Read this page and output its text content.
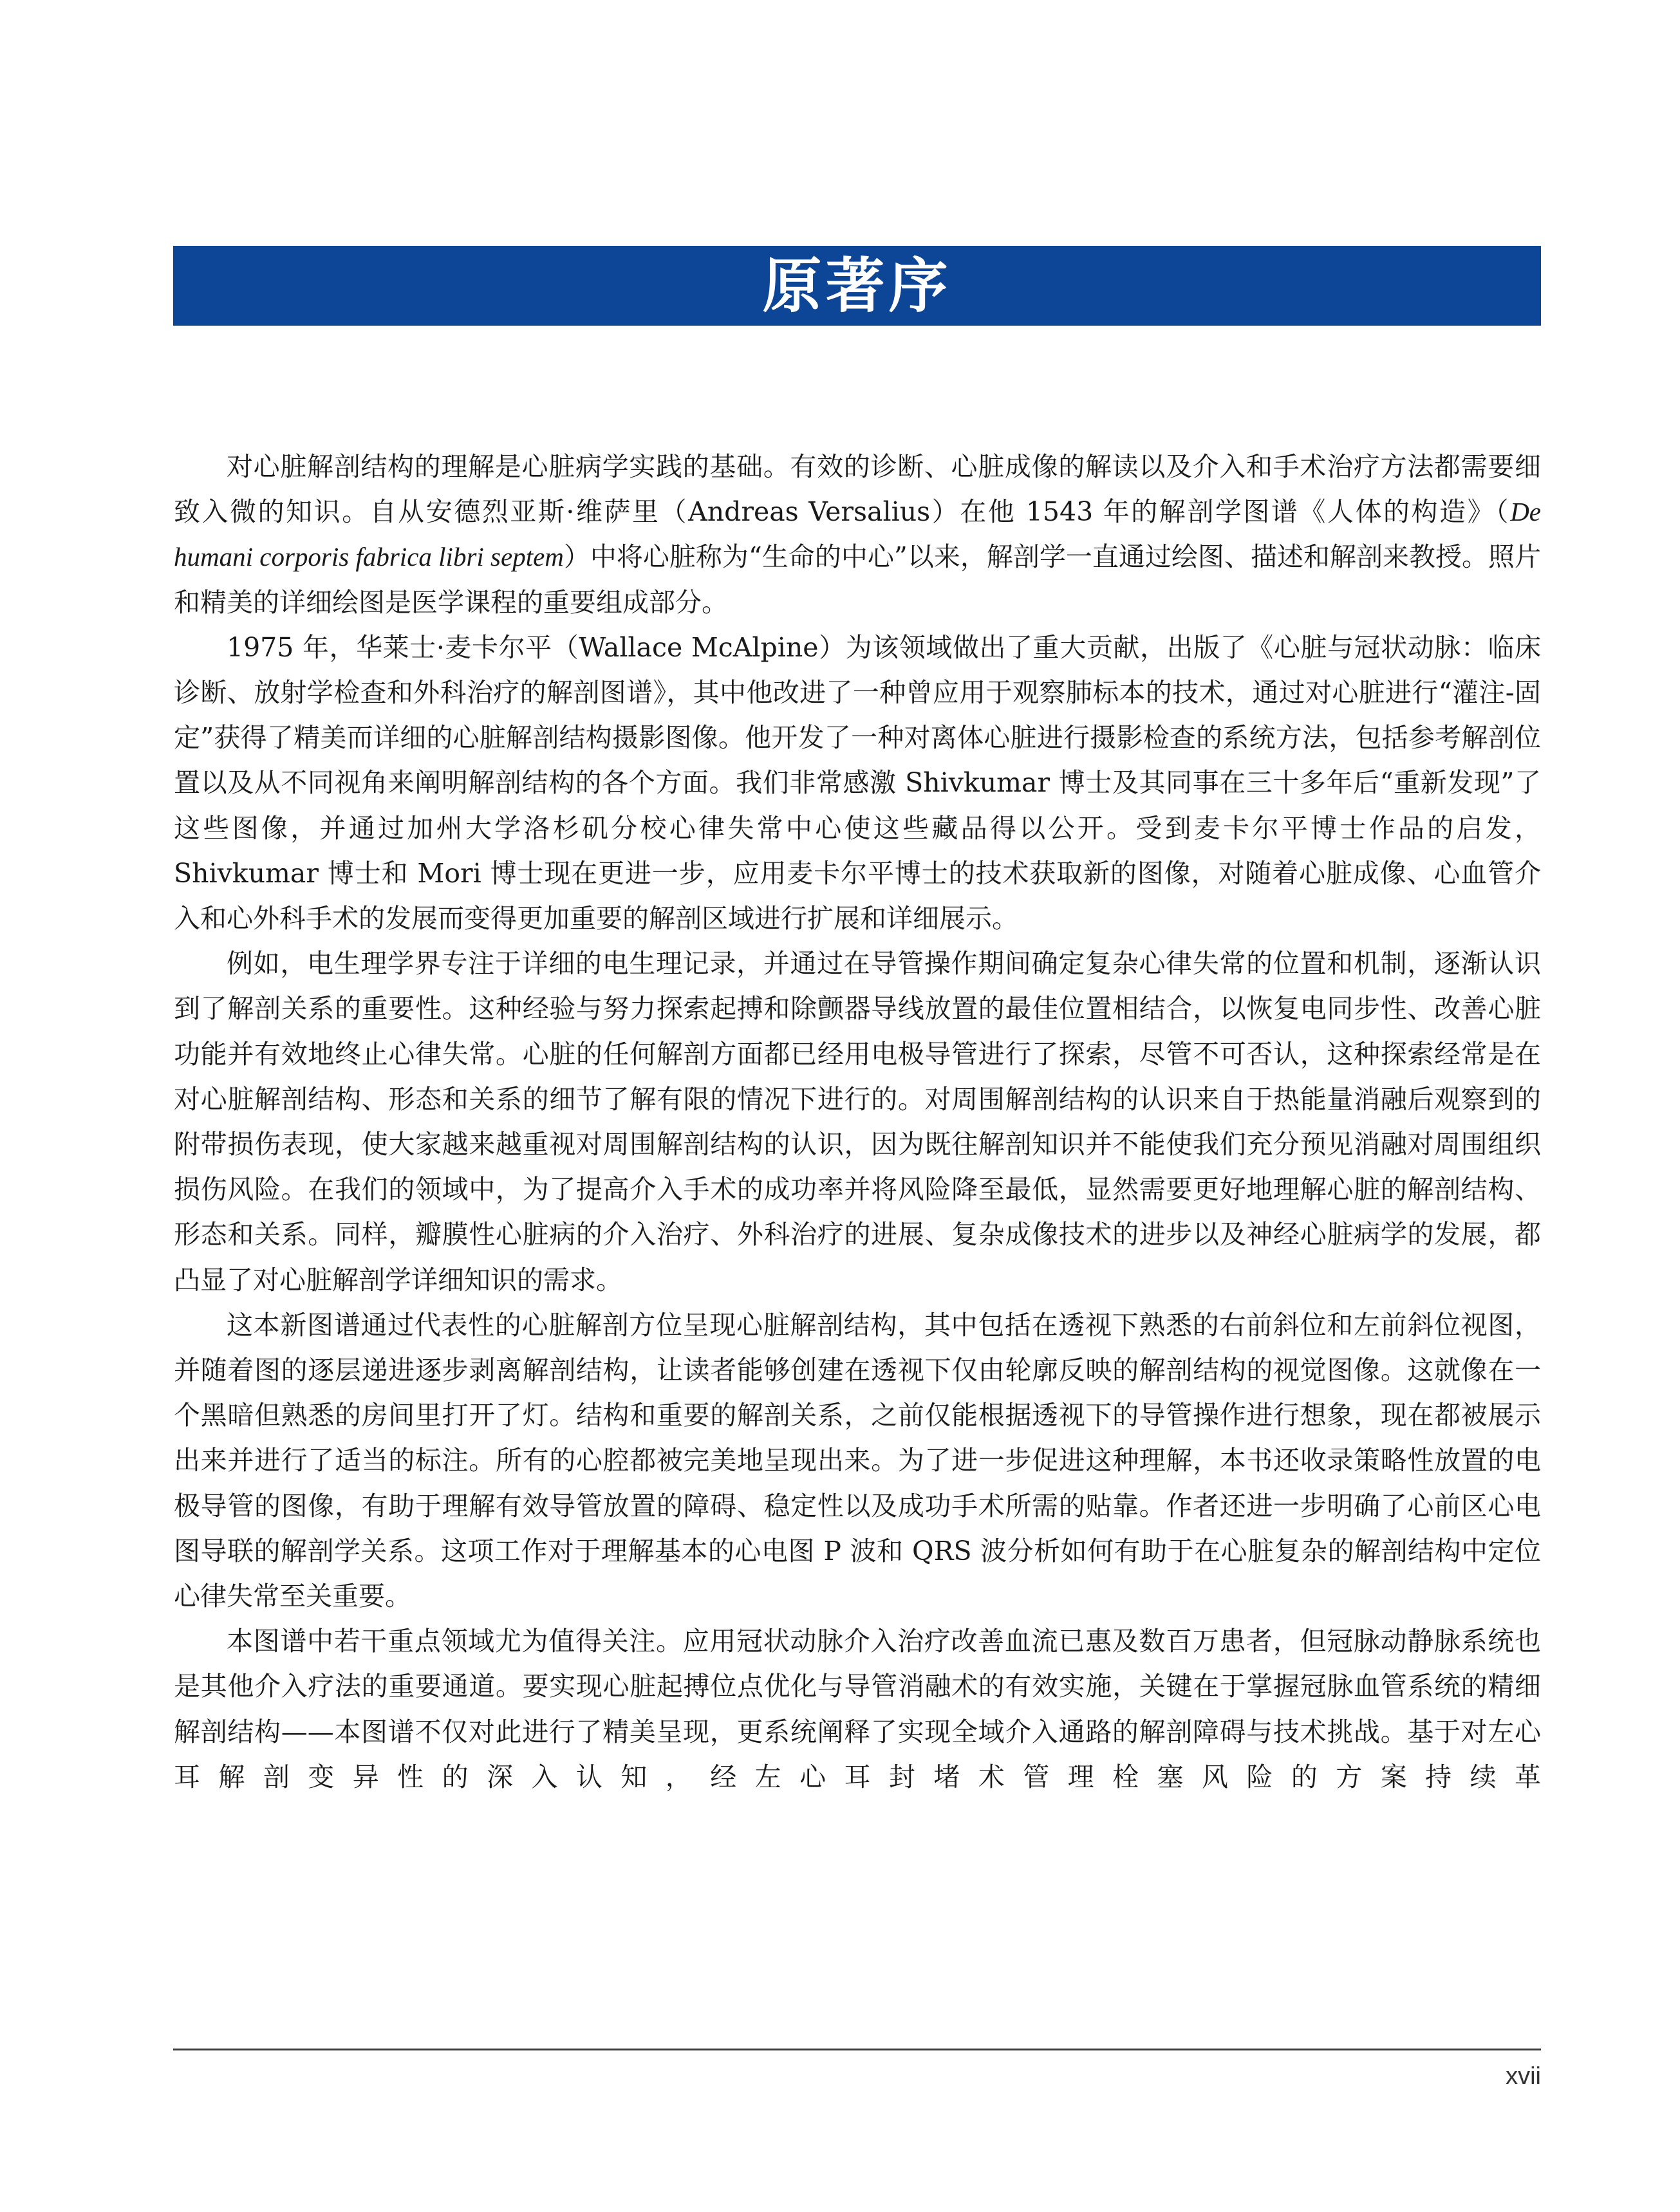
原著序

对心脏解剖结构的理解是心脏病学实践的基础。有效的诊断、心脏成像的解读以及介入和手术治疗方法都需要细致入微的知识。自从安德烈亚斯·维萨里（Andreas Versalius）在他 1543 年的解剖学图谱《人体的构造》（De humani corporis fabrica libri septem）中将心脏称为“生命的中心”以来，解剖学一直通过绘图、描述和解剖来教授。照片和精美的详细绘图是医学课程的重要组成部分。

1975 年，华莱士·麦卡尔平（Wallace McAlpine）为该领域做出了重大贡献，出版了《心脏与冠状动脉：临床诊断、放射学检查和外科治疗的解剖图谱》，其中他改进了一种曾应用于观察肺标本的技术，通过对心脏进行“灌注-固定”获得了精美而详细的心脏解剖结构摄影图像。他开发了一种对离体心脏进行摄影检查的系统方法，包括参考解剖位置以及从不同视角来阐明解剖结构的各个方面。我们非常感激 Shivkumar 博士及其同事在三十多年后“重新发现”了这些图像，并通过加州大学洛杉矶分校心律失常中心使这些藏品得以公开。受到麦卡尔平博士作品的启发，Shivkumar 博士和 Mori 博士现在更进一步，应用麦卡尔平博士的技术获取新的图像，对随着心脏成像、心血管介入和心外科手术的发展而变得更加重要的解剖区域进行扩展和详细展示。

例如，电生理学界专注于详细的电生理记录，并通过在导管操作期间确定复杂心律失常的位置和机制，逐渐认识到了解剖关系的重要性。这种经验与努力探索起搏和除颤器导线放置的最佳位置相结合，以恢复电同步性、改善心脏功能并有效地终止心律失常。心脏的任何解剖方面都已经用电极导管进行了探索，尽管不可否认，这种探索经常是在对心脏解剖结构、形态和关系的细节了解有限的情况下进行的。对周围解剖结构的认识来自于热能量消融后观察到的附带损伤表现，使大家越来越重视对周围解剖结构的认识，因为既往解剖知识并不能使我们充分预见消融对周围组织损伤风险。在我们的领域中，为了提高介入手术的成功率并将风险降至最低，显然需要更好地理解心脏的解剖结构、形态和关系。同样，瓣膜性心脏病的介入治疗、外科治疗的进展、复杂成像技术的进步以及神经心脏病学的发展，都凸显了对心脏解剖学详细知识的需求。

这本新图谱通过代表性的心脏解剖方位呈现心脏解剖结构，其中包括在透视下熟悉的右前斜位和左前斜位视图，并随着图的逐层递进逐步剥离解剖结构，让读者能够创建在透视下仅由轮廓反映的解剖结构的视觉图像。这就像在一个黑暗但熟悉的房间里打开了灯。结构和重要的解剖关系，之前仅能根据透视下的导管操作进行想象，现在都被展示出来并进行了适当的标注。所有的心腔都被完美地呈现出来。为了进一步促进这种理解，本书还收录策略性放置的电极导管的图像，有助于理解有效导管放置的障碍、稳定性以及成功手术所需的贴靠。作者还进一步明确了心前区心电图导联的解剖学关系。这项工作对于理解基本的心电图 P 波和 QRS 波分析如何有助于在心脏复杂的解剖结构中定位心律失常至关重要。

本图谱中若干重点领域尤为值得关注。应用冠状动脉介入治疗改善血流已惠及数百万患者，但冠脉动静脉系统也是其他介入疗法的重要通道。要实现心脏起搏位点优化与导管消融术的有效实施，关键在于掌握冠脉血管系统的精细解剖结构——本图谱不仅对此进行了精美呈现，更系统阐释了实现全域介入通路的解剖障碍与技术挑战。基于对左心耳解剖变异性的深入认知，经左心耳封堵术管理栓塞风险的方案持续革

xvii
